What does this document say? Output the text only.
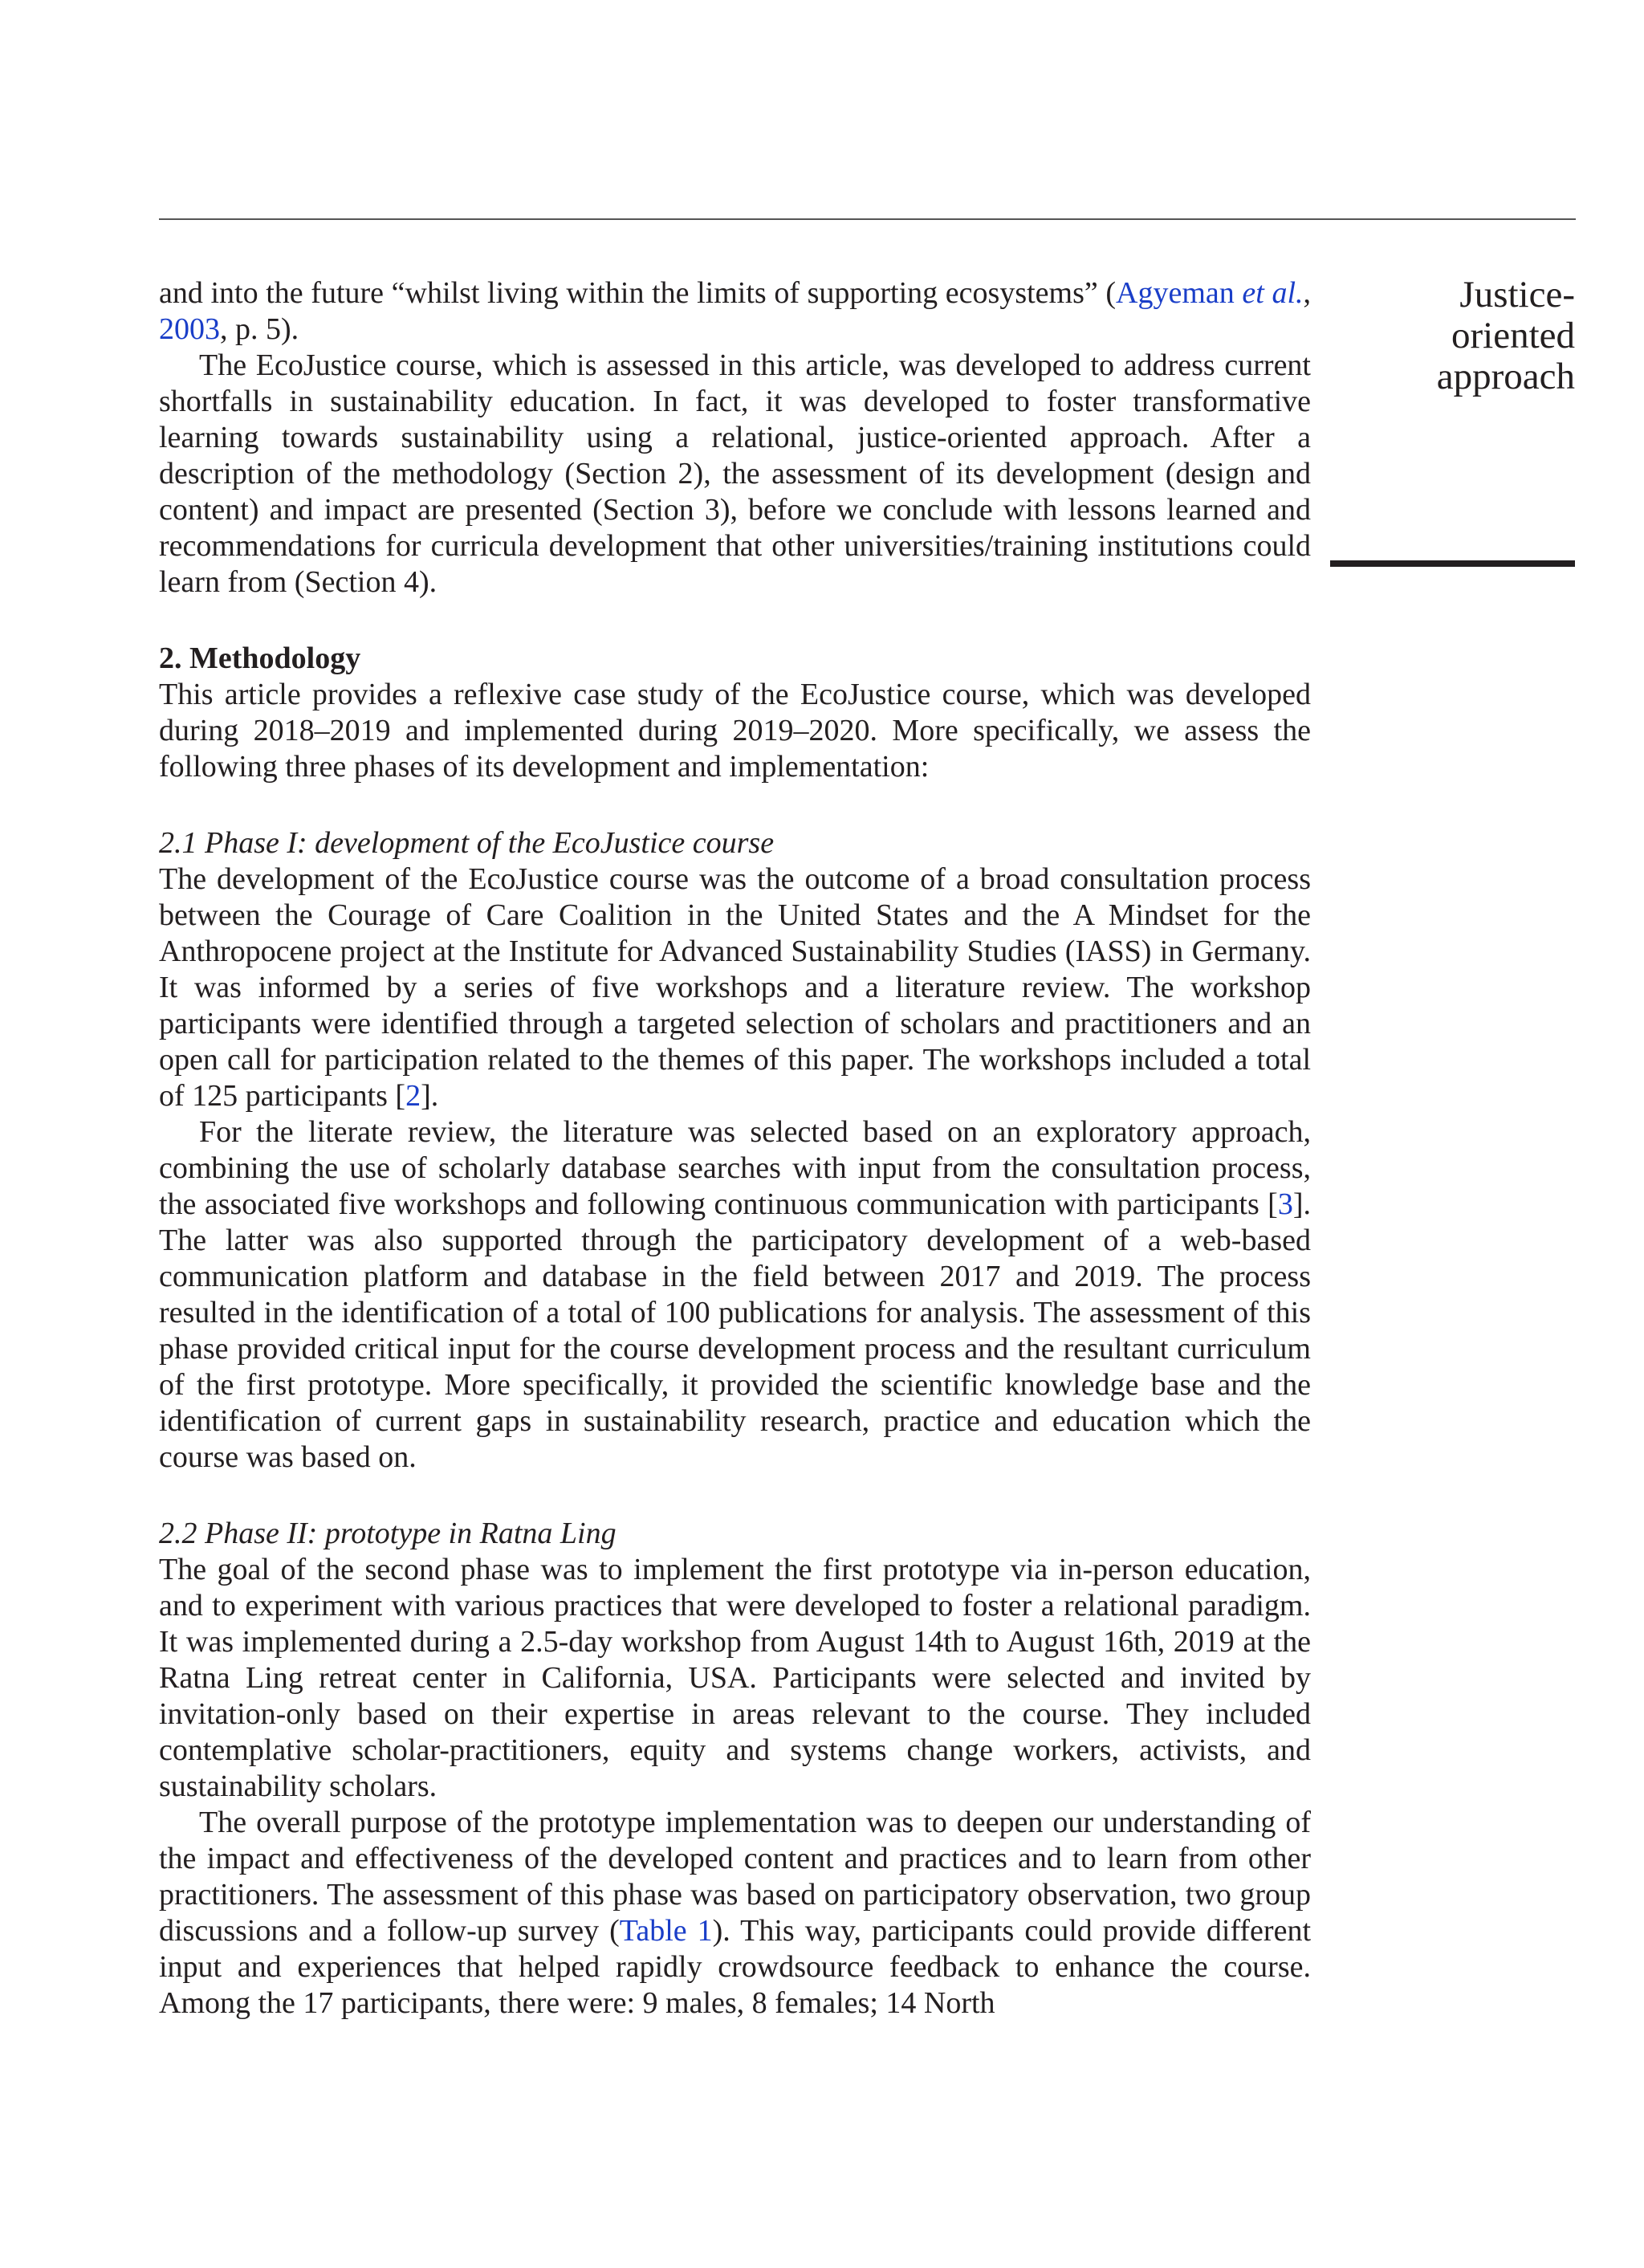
Justice-
oriented
approach

and into the future “whilst living within the limits of supporting ecosystems” (Agyeman et al., 2003, p. 5).

The EcoJustice course, which is assessed in this article, was developed to address current shortfalls in sustainability education. In fact, it was developed to foster transformative learning towards sustainability using a relational, justice-oriented approach. After a description of the methodology (Section 2), the assessment of its development (design and content) and impact are presented (Section 3), before we conclude with lessons learned and recommendations for curricula development that other universities/training institutions could learn from (Section 4).

2. Methodology

This article provides a reflexive case study of the EcoJustice course, which was developed during 2018–2019 and implemented during 2019–2020. More specifically, we assess the following three phases of its development and implementation:

2.1 Phase I: development of the EcoJustice course

The development of the EcoJustice course was the outcome of a broad consultation process between the Courage of Care Coalition in the United States and the A Mindset for the Anthropocene project at the Institute for Advanced Sustainability Studies (IASS) in Germany. It was informed by a series of five workshops and a literature review. The workshop participants were identified through a targeted selection of scholars and practitioners and an open call for participation related to the themes of this paper. The workshops included a total of 125 participants [2].

For the literate review, the literature was selected based on an exploratory approach, combining the use of scholarly database searches with input from the consultation process, the associated five workshops and following continuous communication with participants [3]. The latter was also supported through the participatory development of a web-based communication platform and database in the field between 2017 and 2019. The process resulted in the identification of a total of 100 publications for analysis. The assessment of this phase provided critical input for the course development process and the resultant curriculum of the first prototype. More specifically, it provided the scientific knowledge base and the identification of current gaps in sustainability research, practice and education which the course was based on.

2.2 Phase II: prototype in Ratna Ling

The goal of the second phase was to implement the first prototype via in-person education, and to experiment with various practices that were developed to foster a relational paradigm. It was implemented during a 2.5-day workshop from August 14th to August 16th, 2019 at the Ratna Ling retreat center in California, USA. Participants were selected and invited by invitation-only based on their expertise in areas relevant to the course. They included contemplative scholar-practitioners, equity and systems change workers, activists, and sustainability scholars.

The overall purpose of the prototype implementation was to deepen our understanding of the impact and effectiveness of the developed content and practices and to learn from other practitioners. The assessment of this phase was based on participatory observation, two group discussions and a follow-up survey (Table 1). This way, participants could provide different input and experiences that helped rapidly crowdsource feedback to enhance the course. Among the 17 participants, there were: 9 males, 8 females; 14 North
